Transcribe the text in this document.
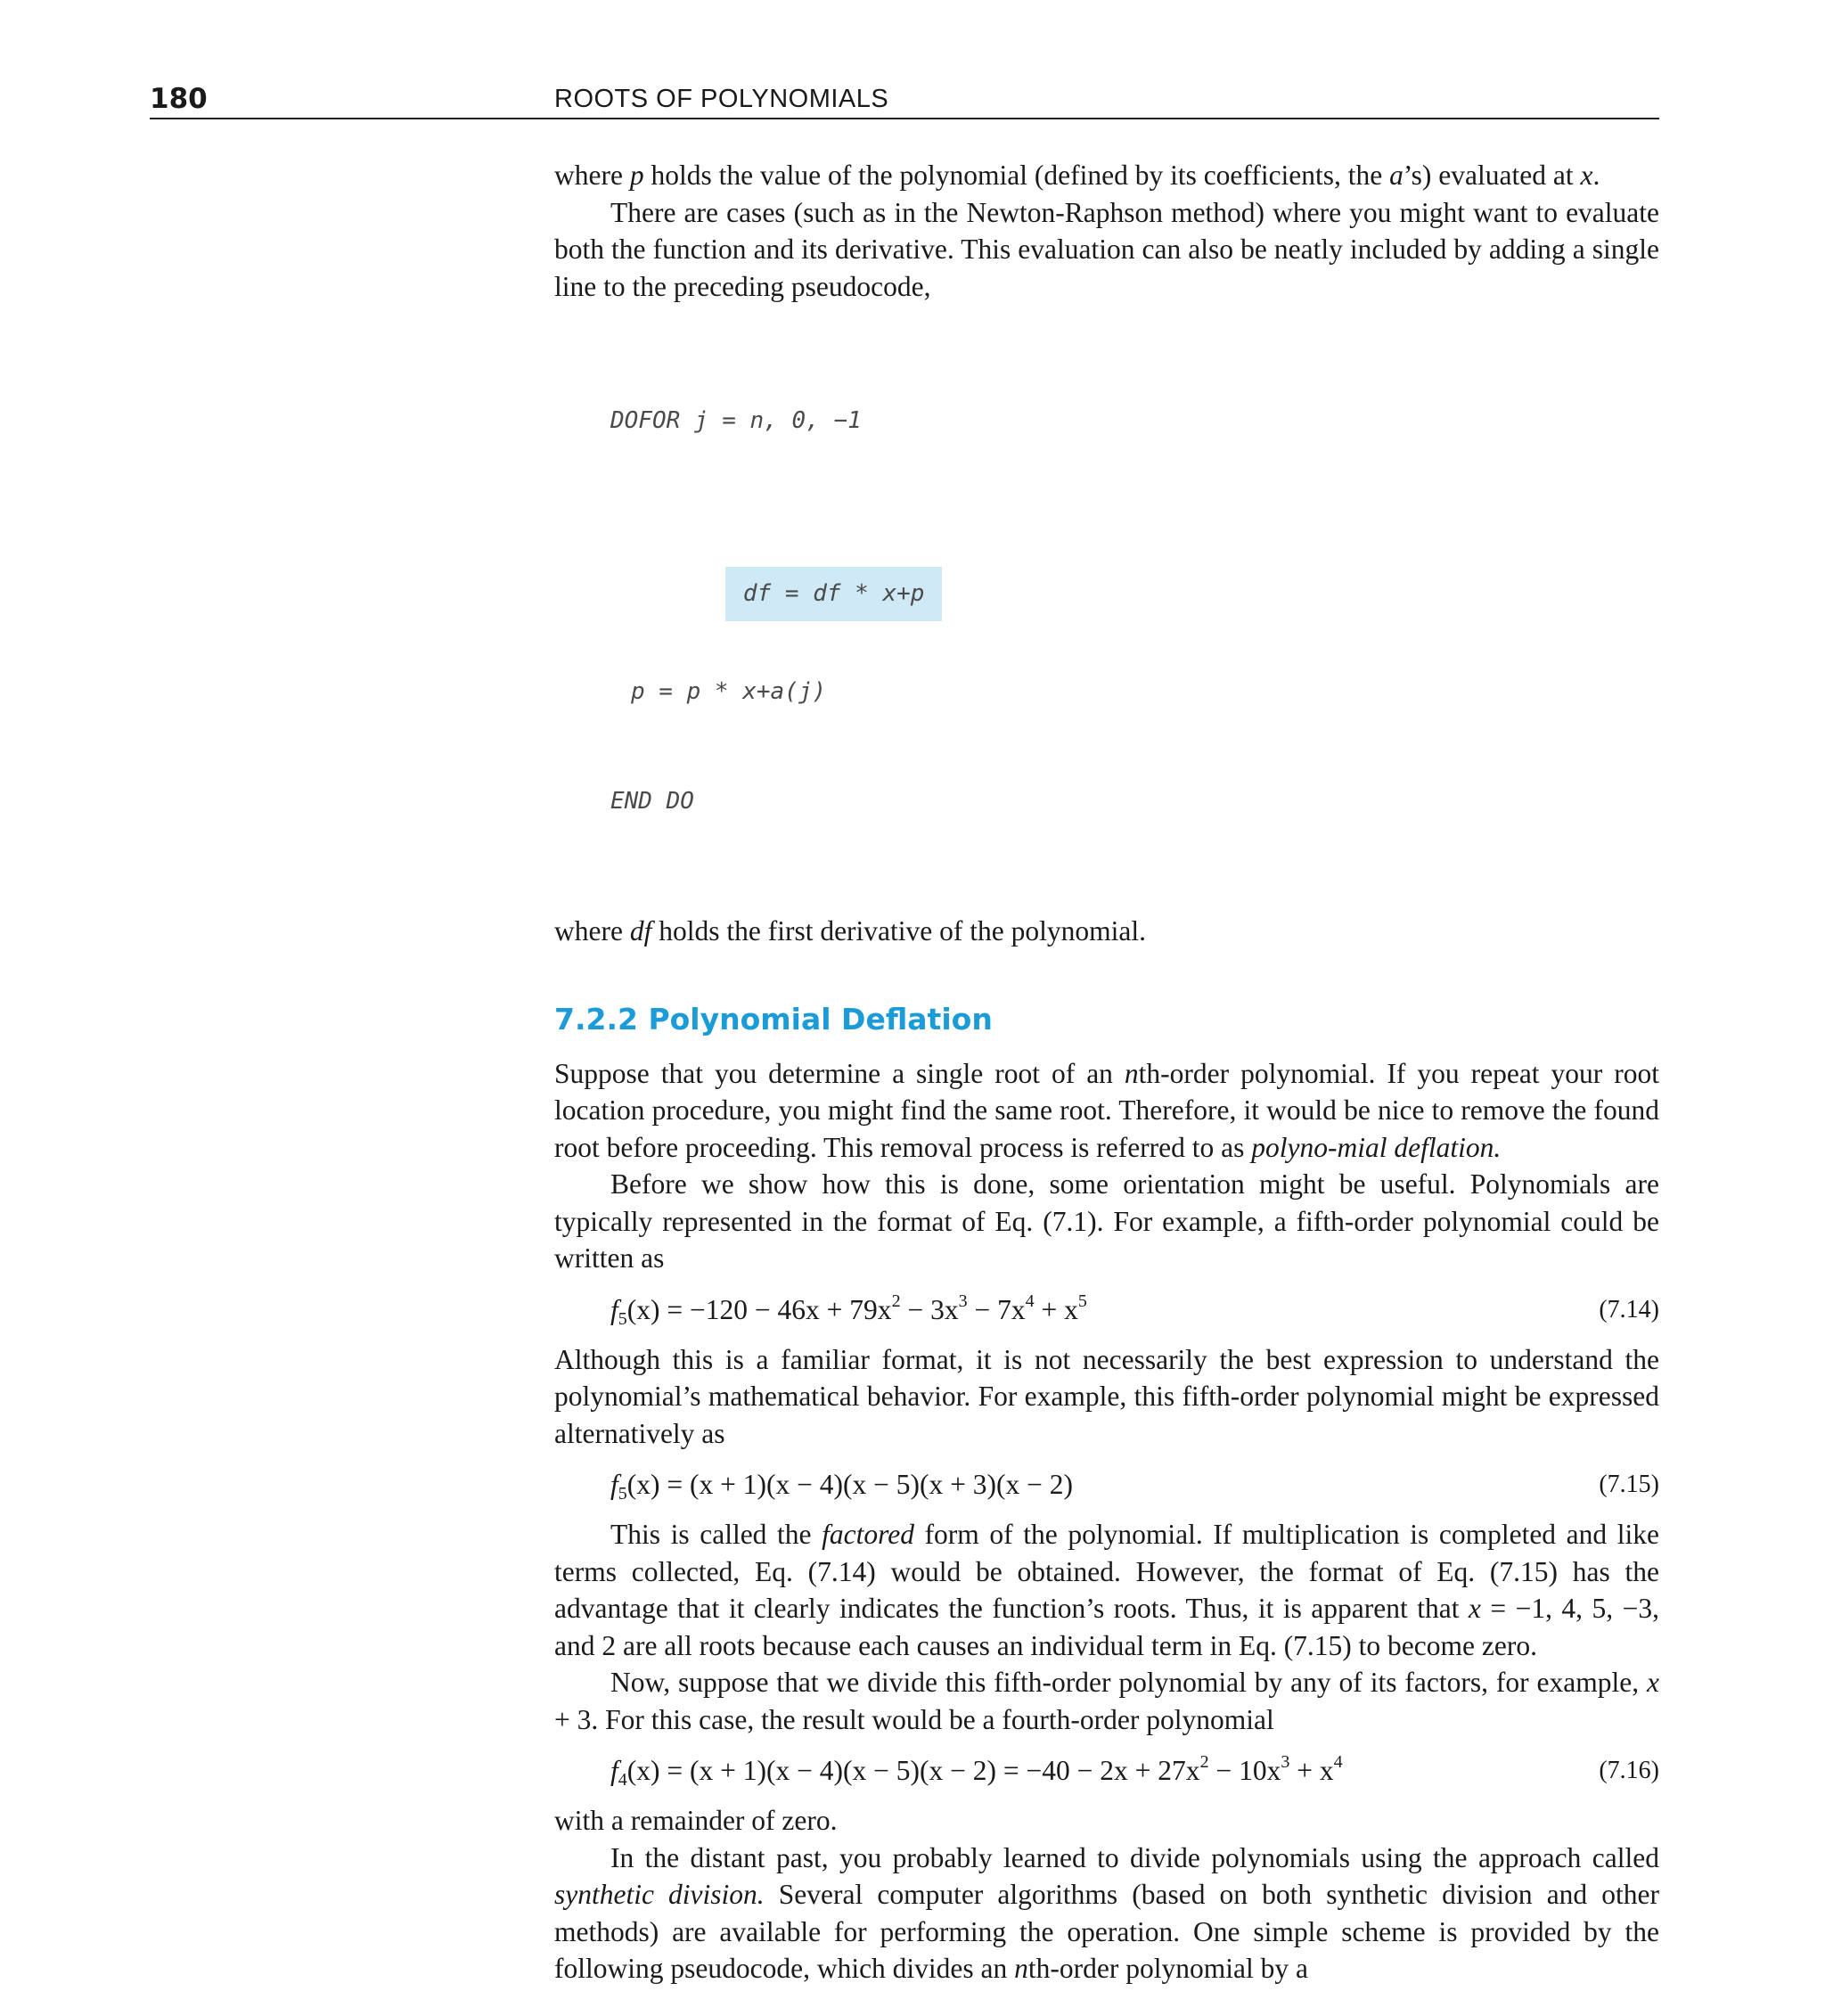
180	ROOTS OF POLYNOMIALS

where p holds the value of the polynomial (defined by its coefficients, the a’s) evaluated at x.

There are cases (such as in the Newton-Raphson method) where you might want to evaluate both the function and its derivative. This evaluation can also be neatly included by adding a single line to the preceding pseudocode,

DOFOR j = n, 0, −1

df = df * x+p

p = p * x+a(j)

END DO

where df holds the first derivative of the polynomial.

7.2.2 Polynomial Deflation

Suppose that you determine a single root of an nth-order polynomial. If you repeat your root location procedure, you might find the same root. Therefore, it would be nice to remove the found root before proceeding. This removal process is referred to as polyno-mial deflation.

Before we show how this is done, some orientation might be useful. Polynomials are typically represented in the format of Eq. (7.1). For example, a fifth-order polynomial could be written as

$f_5(x) = -120 - 46x + 79x^2 - 3x^3 - 7x^4 + x^5$	(7.14)

Although this is a familiar format, it is not necessarily the best expression to understand the polynomial’s mathematical behavior. For example, this fifth-order polynomial might be expressed alternatively as

$f_5(x) = (x + 1)(x - 4)(x - 5)(x + 3)(x - 2)$	(7.15)

This is called the factored form of the polynomial. If multiplication is completed and like terms collected, Eq. (7.14) would be obtained. However, the format of Eq. (7.15) has the advantage that it clearly indicates the function’s roots. Thus, it is apparent that x = −1, 4, 5, −3, and 2 are all roots because each causes an individual term in Eq. (7.15) to become zero.

Now, suppose that we divide this fifth-order polynomial by any of its factors, for example, x + 3. For this case, the result would be a fourth-order polynomial

$f_4(x) = (x + 1)(x - 4)(x - 5)(x - 2) = -40 - 2x + 27x^2 - 10x^3 + x^4$	(7.16)

with a remainder of zero.

In the distant past, you probably learned to divide polynomials using the approach called synthetic division. Several computer algorithms (based on both synthetic division and other methods) are available for performing the operation. One simple scheme is provided by the following pseudocode, which divides an nth-order polynomial by a
